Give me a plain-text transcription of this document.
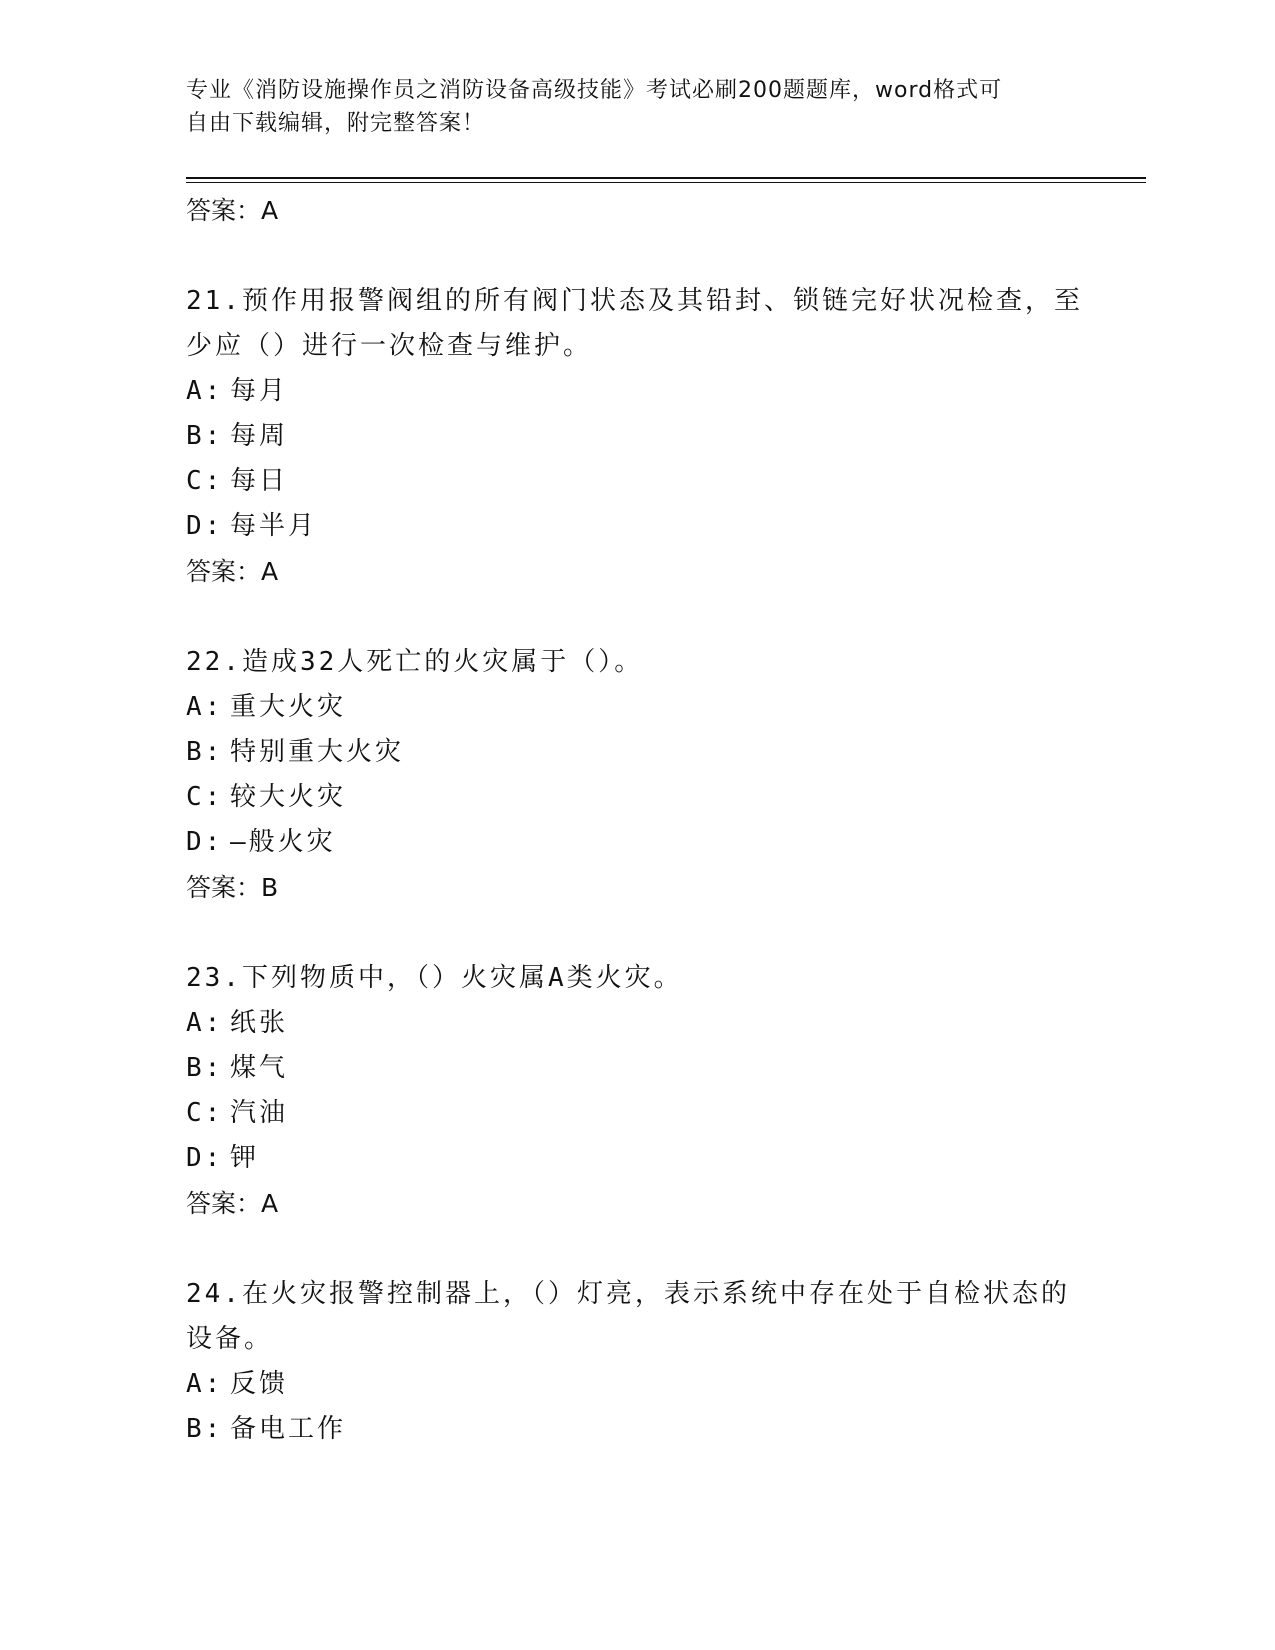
专业《消防设施操作员之消防设备高级技能》考试必刷200题题库，word格式可
自由下载编辑，附完整答案！
答案：A
21.预作用报警阀组的所有阀门状态及其铅封、锁链完好状况检查，至
少应（）进行一次检查与维护。
A: 每月
B: 每周
C: 每日
D: 每半月
答案：A
22.造成32人死亡的火灾属于（）。
A: 重大火灾
B: 特别重大火灾
C: 较大火灾
D: —般火灾
答案：B
23.下列物质中，（）火灾属A类火灾。
A: 纸张
B: 煤气
C: 汽油
D: 钾
答案：A
24.在火灾报警控制器上，（）灯亮，表示系统中存在处于自检状态的
设备。
A: 反馈
B: 备电工作
